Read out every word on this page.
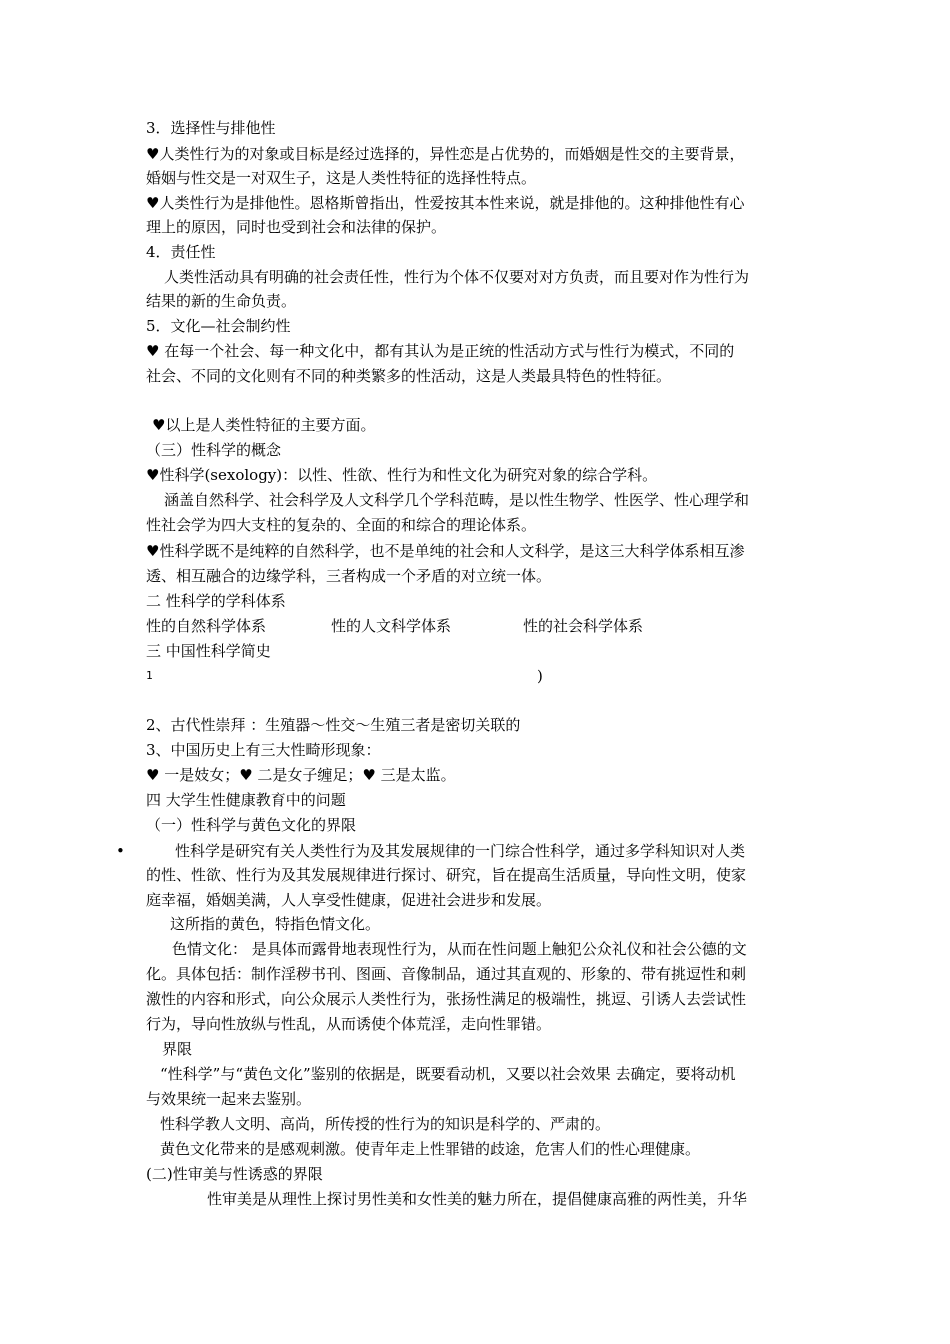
3．选择性与排他性
♥人类性行为的对象或目标是经过选择的，异性恋是占优势的，而婚姻是性交的主要背景，
婚姻与性交是一对双生子，这是人类性特征的选择性特点。
♥人类性行为是排他性。恩格斯曾指出，性爱按其本性来说，就是排他的。这种排他性有心
理上的原因，同时也受到社会和法律的保护。
4．责任性
人类性活动具有明确的社会责任性，性行为个体不仅要对对方负责，而且要对作为性行为
结果的新的生命负责。
5．文化—社会制约性
♥ 在每一个社会、每一种文化中，都有其认为是正统的性活动方式与性行为模式，不同的
社会、不同的文化则有不同的种类繁多的性活动，这是人类最具特色的性特征。
♥以上是人类性特征的主要方面。
（三）性科学的概念
♥性科学(sexology)：以性、性欲、性行为和性文化为研究对象的综合学科。
涵盖自然科学、社会科学及人文科学几个学科范畴，是以性生物学、性医学、性心理学和
性社会学为四大支柱的复杂的、全面的和综合的理论体系。
♥性科学既不是纯粹的自然科学，也不是单纯的社会和人文科学，是这三大科学体系相互渗
透、相互融合的边缘学科，三者构成一个矛盾的对立统一体。
二 性科学的学科体系
性的自然科学体系	性的人文科学体系	性的社会科学体系
三 中国性科学简史
1	)
2、古代性崇拜 ：生殖器～性交～生殖三者是密切关联的
3、中国历史上有三大性畸形现象：
♥ 一是妓女；♥ 二是女子缠足；♥ 三是太监。
四 大学生性健康教育中的问题
（一）性科学与黄色文化的界限
•	性科学是研究有关人类性行为及其发展规律的一门综合性科学，通过多学科知识对人类
的性、性欲、性行为及其发展规律进行探讨、研究，旨在提高生活质量，导向性文明，使家
庭幸福，婚姻美满，人人享受性健康，促进社会进步和发展。
这所指的黄色，特指色情文化。
色情文化： 是具体而露骨地表现性行为，从而在性问题上触犯公众礼仪和社会公德的文
化。具体包括：制作淫秽书刊、图画、音像制品，通过其直观的、形象的、带有挑逗性和刺
激性的内容和形式，向公众展示人类性行为，张扬性满足的极端性，挑逗、引诱人去尝试性
行为，导向性放纵与性乱，从而诱使个体荒淫，走向性罪错。
界限
“性科学”与“黄色文化”鉴别的依据是，既要看动机，又要以社会效果 去确定，要将动机
与效果统一起来去鉴别。
性科学教人文明、高尚，所传授的性行为的知识是科学的、严肃的。
黄色文化带来的是感观刺激。使青年走上性罪错的歧途，危害人们的性心理健康。
(二)性审美与性诱惑的界限
性审美是从理性上探讨男性美和女性美的魅力所在，提倡健康高雅的两性美，升华
